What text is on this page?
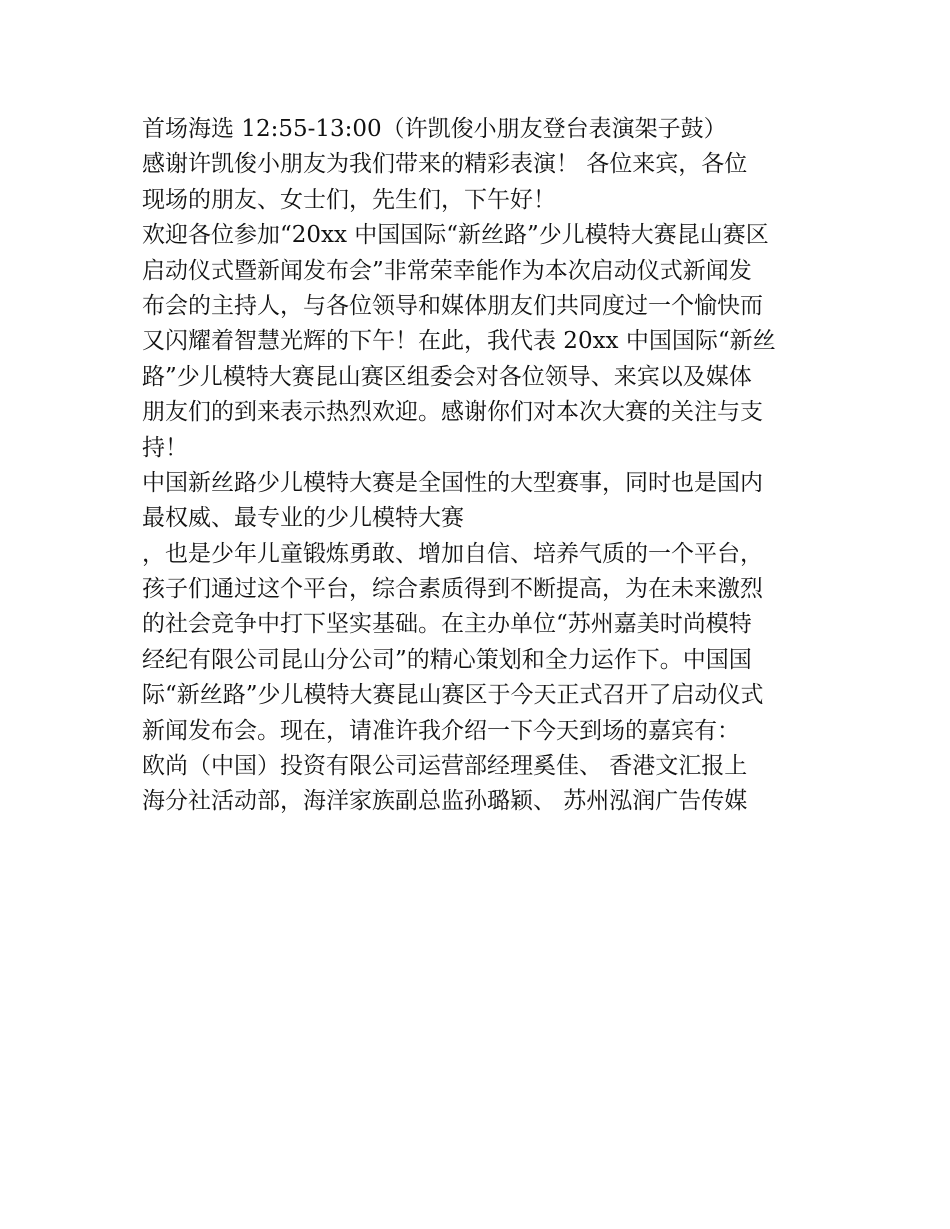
首场海选 12:55-13:00（许凯俊小朋友登台表演架子鼓）
感谢许凯俊小朋友为我们带来的精彩表演！ 各位来宾，各位
现场的朋友、女士们，先生们，下午好！
欢迎各位参加“20xx 中国国际“新丝路”少儿模特大赛昆山赛区
启动仪式暨新闻发布会”非常荣幸能作为本次启动仪式新闻发
布会的主持人，与各位领导和媒体朋友们共同度过一个愉快而
又闪耀着智慧光辉的下午！在此，我代表 20xx 中国国际“新丝
路”少儿模特大赛昆山赛区组委会对各位领导、来宾以及媒体
朋友们的到来表示热烈欢迎。感谢你们对本次大赛的关注与支
持！
中国新丝路少儿模特大赛是全国性的大型赛事，同时也是国内
最权威、最专业的少儿模特大赛
，也是少年儿童锻炼勇敢、增加自信、培养气质的一个平台，
孩子们通过这个平台，综合素质得到不断提高，为在未来激烈
的社会竞争中打下坚实基础。在主办单位“苏州嘉美时尚模特
经纪有限公司昆山分公司”的精心策划和全力运作下。中国国
际“新丝路”少儿模特大赛昆山赛区于今天正式召开了启动仪式
新闻发布会。现在，请准许我介绍一下今天到场的嘉宾有：
欧尚（中国）投资有限公司运营部经理奚佳、 香港文汇报上
海分社活动部，海洋家族副总监孙璐颖、 苏州泓润广告传媒
